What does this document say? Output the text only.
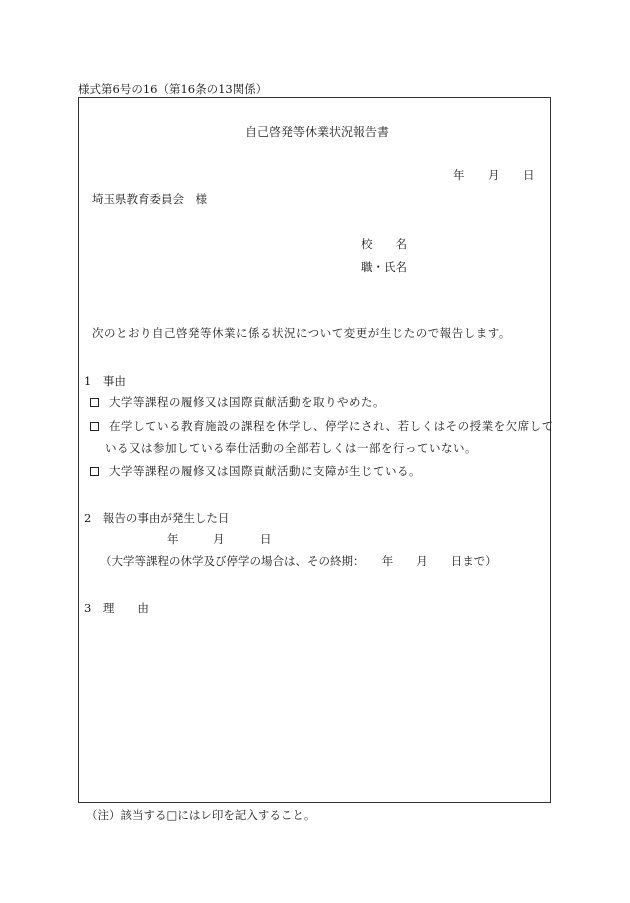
様式第6号の16（第16条の13関係）
自己啓発等休業状況報告書
年 月 日
埼玉県教育委員会　様
校　　名
職・氏名
次のとおり自己啓発等休業に係る状況について変更が生じたので報告します。
1　事由
大学等課程の履修又は国際貢献活動を取りやめた。
在学している教育施設の課程を休学し、停学にされ、若しくはその授業を欠席して
いる又は参加している奉仕活動の全部若しくは一部を行っていない。
大学等課程の履修又は国際貢献活動に支障が生じている。
2　報告の事由が発生した日
年	月	日
（大学等課程の休学及び停学の場合は、その終期：　　年　　月　　日まで）
3　理　　由
（注）該当する□にはレ印を記入すること。
